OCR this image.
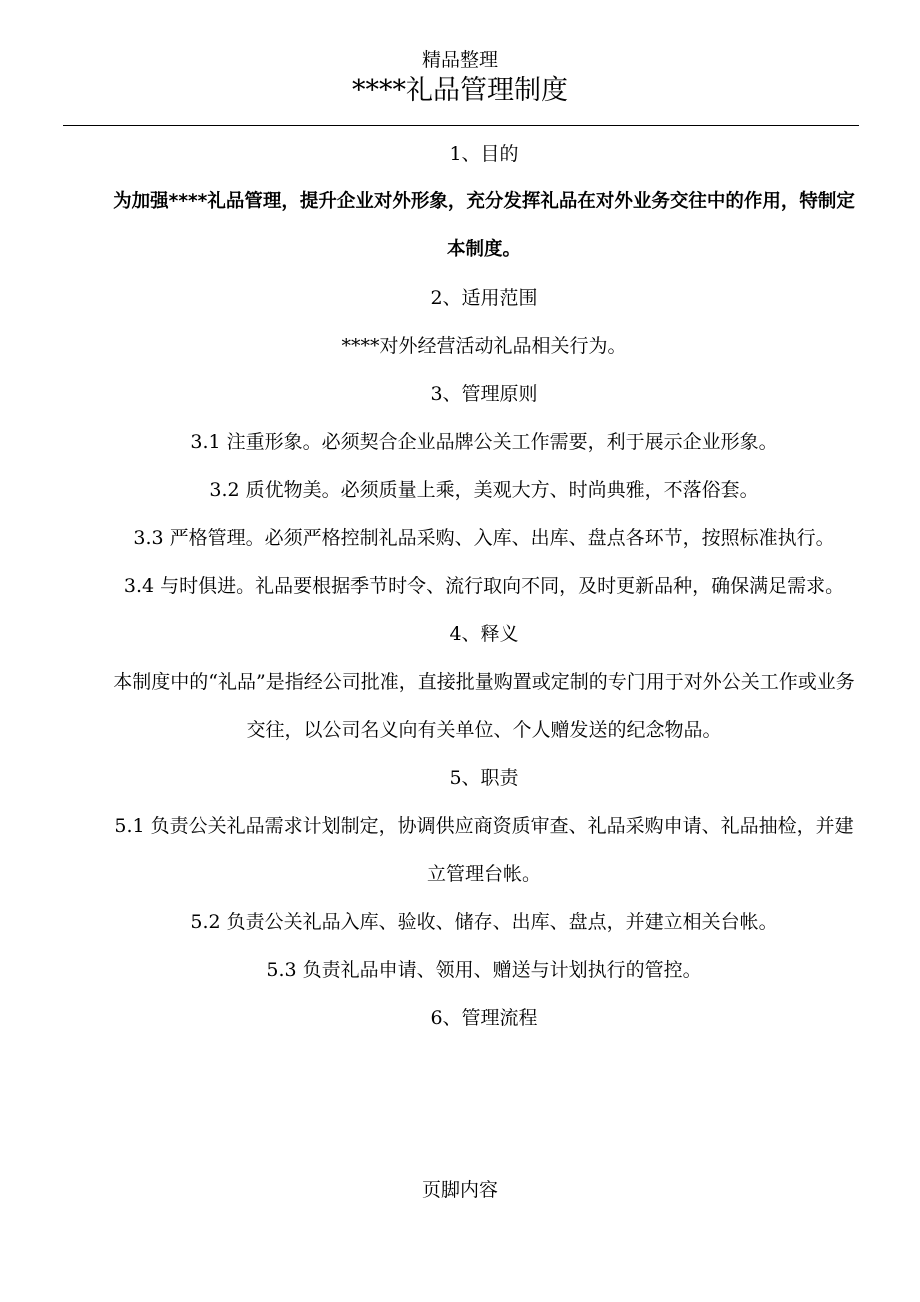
精品整理
****礼品管理制度

1、目的

为加强****礼品管理，提升企业对外形象，充分发挥礼品在对外业务交往中的作用，特制定本制度。

2、适用范围

****对外经营活动礼品相关行为。

3、管理原则

3.1 注重形象。必须契合企业品牌公关工作需要，利于展示企业形象。

3.2 质优物美。必须质量上乘，美观大方、时尚典雅，不落俗套。

3.3 严格管理。必须严格控制礼品采购、入库、出库、盘点各环节，按照标准执行。

3.4 与时俱进。礼品要根据季节时令、流行取向不同，及时更新品种，确保满足需求。

4、释义

本制度中的“礼品”是指经公司批准，直接批量购置或定制的专门用于对外公关工作或业务交往，以公司名义向有关单位、个人赠发送的纪念物品。

5、职责

5.1 负责公关礼品需求计划制定，协调供应商资质审查、礼品采购申请、礼品抽检，并建立管理台帐。

5.2 负责公关礼品入库、验收、储存、出库、盘点，并建立相关台帐。

5.3 负责礼品申请、领用、赠送与计划执行的管控。

6、管理流程

页脚内容
